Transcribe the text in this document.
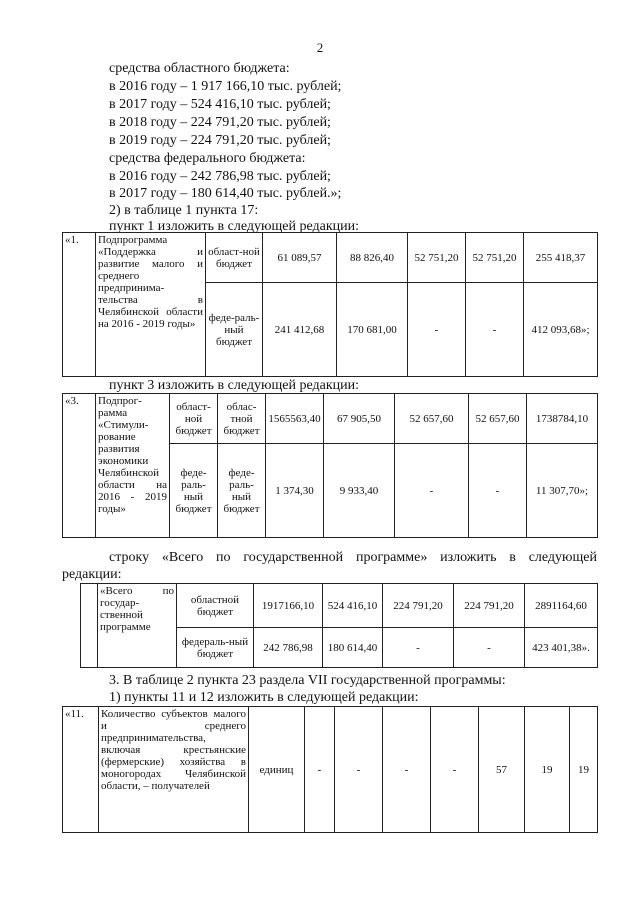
2
средства областного бюджета:
в 2016 году – 1 917 166,10 тыс. рублей;
в 2017 году – 524 416,10 тыс. рублей;
в 2018 году – 224 791,20 тыс. рублей;
в 2019 году – 224 791,20 тыс. рублей;
средства федерального бюджета:
в 2016 году – 242 786,98 тыс. рублей;
в 2017 году – 180 614,40 тыс. рублей.»;
2) в таблице 1 пункта 17:
пункт 1 изложить в следующей редакции:
«1.	Подпрограмма «Поддержка и развитие малого и среднего предпринима-тельства в Челябинской области на 2016 - 2019 годы»	област-ной бюджет	61 089,57	88 826,40	52 751,20	52 751,20	255 418,37
		феде-раль-ный бюджет	241 412,68	170 681,00	-	-	412 093,68»;
пункт 3 изложить в следующей редакции:
«3.	Подпрог-рамма «Стимули-рование развития экономики Челябинской области на 2016 - 2019 годы»	област-ной бюджет	облас-тной бюджет	1565563,40	67 905,50	52 657,60	52 657,60	1738784,10
		феде-раль-ный бюджет	феде-раль-ный бюджет	1 374,30	9 933,40	-	-	11 307,70»;
строку «Всего по государственной программе» изложить в следующей
редакции:
	«Всего по государ-ственной программе	областной бюджет	1917166,10	524 416,10	224 791,20	224 791,20	2891164,60
		федераль-ный бюджет	242 786,98	180 614,40	-	-	423 401,38».
3. В таблице 2 пункта 23 раздела VII государственной программы:
1) пункты 11 и 12 изложить в следующей редакции:
«11.	Количество субъектов малого и среднего предпринимательства, включая крестьянские (фермерские) хозяйства в моногородах Челябинской области, – получателей	единиц	-	-	-	-	57	19	19
